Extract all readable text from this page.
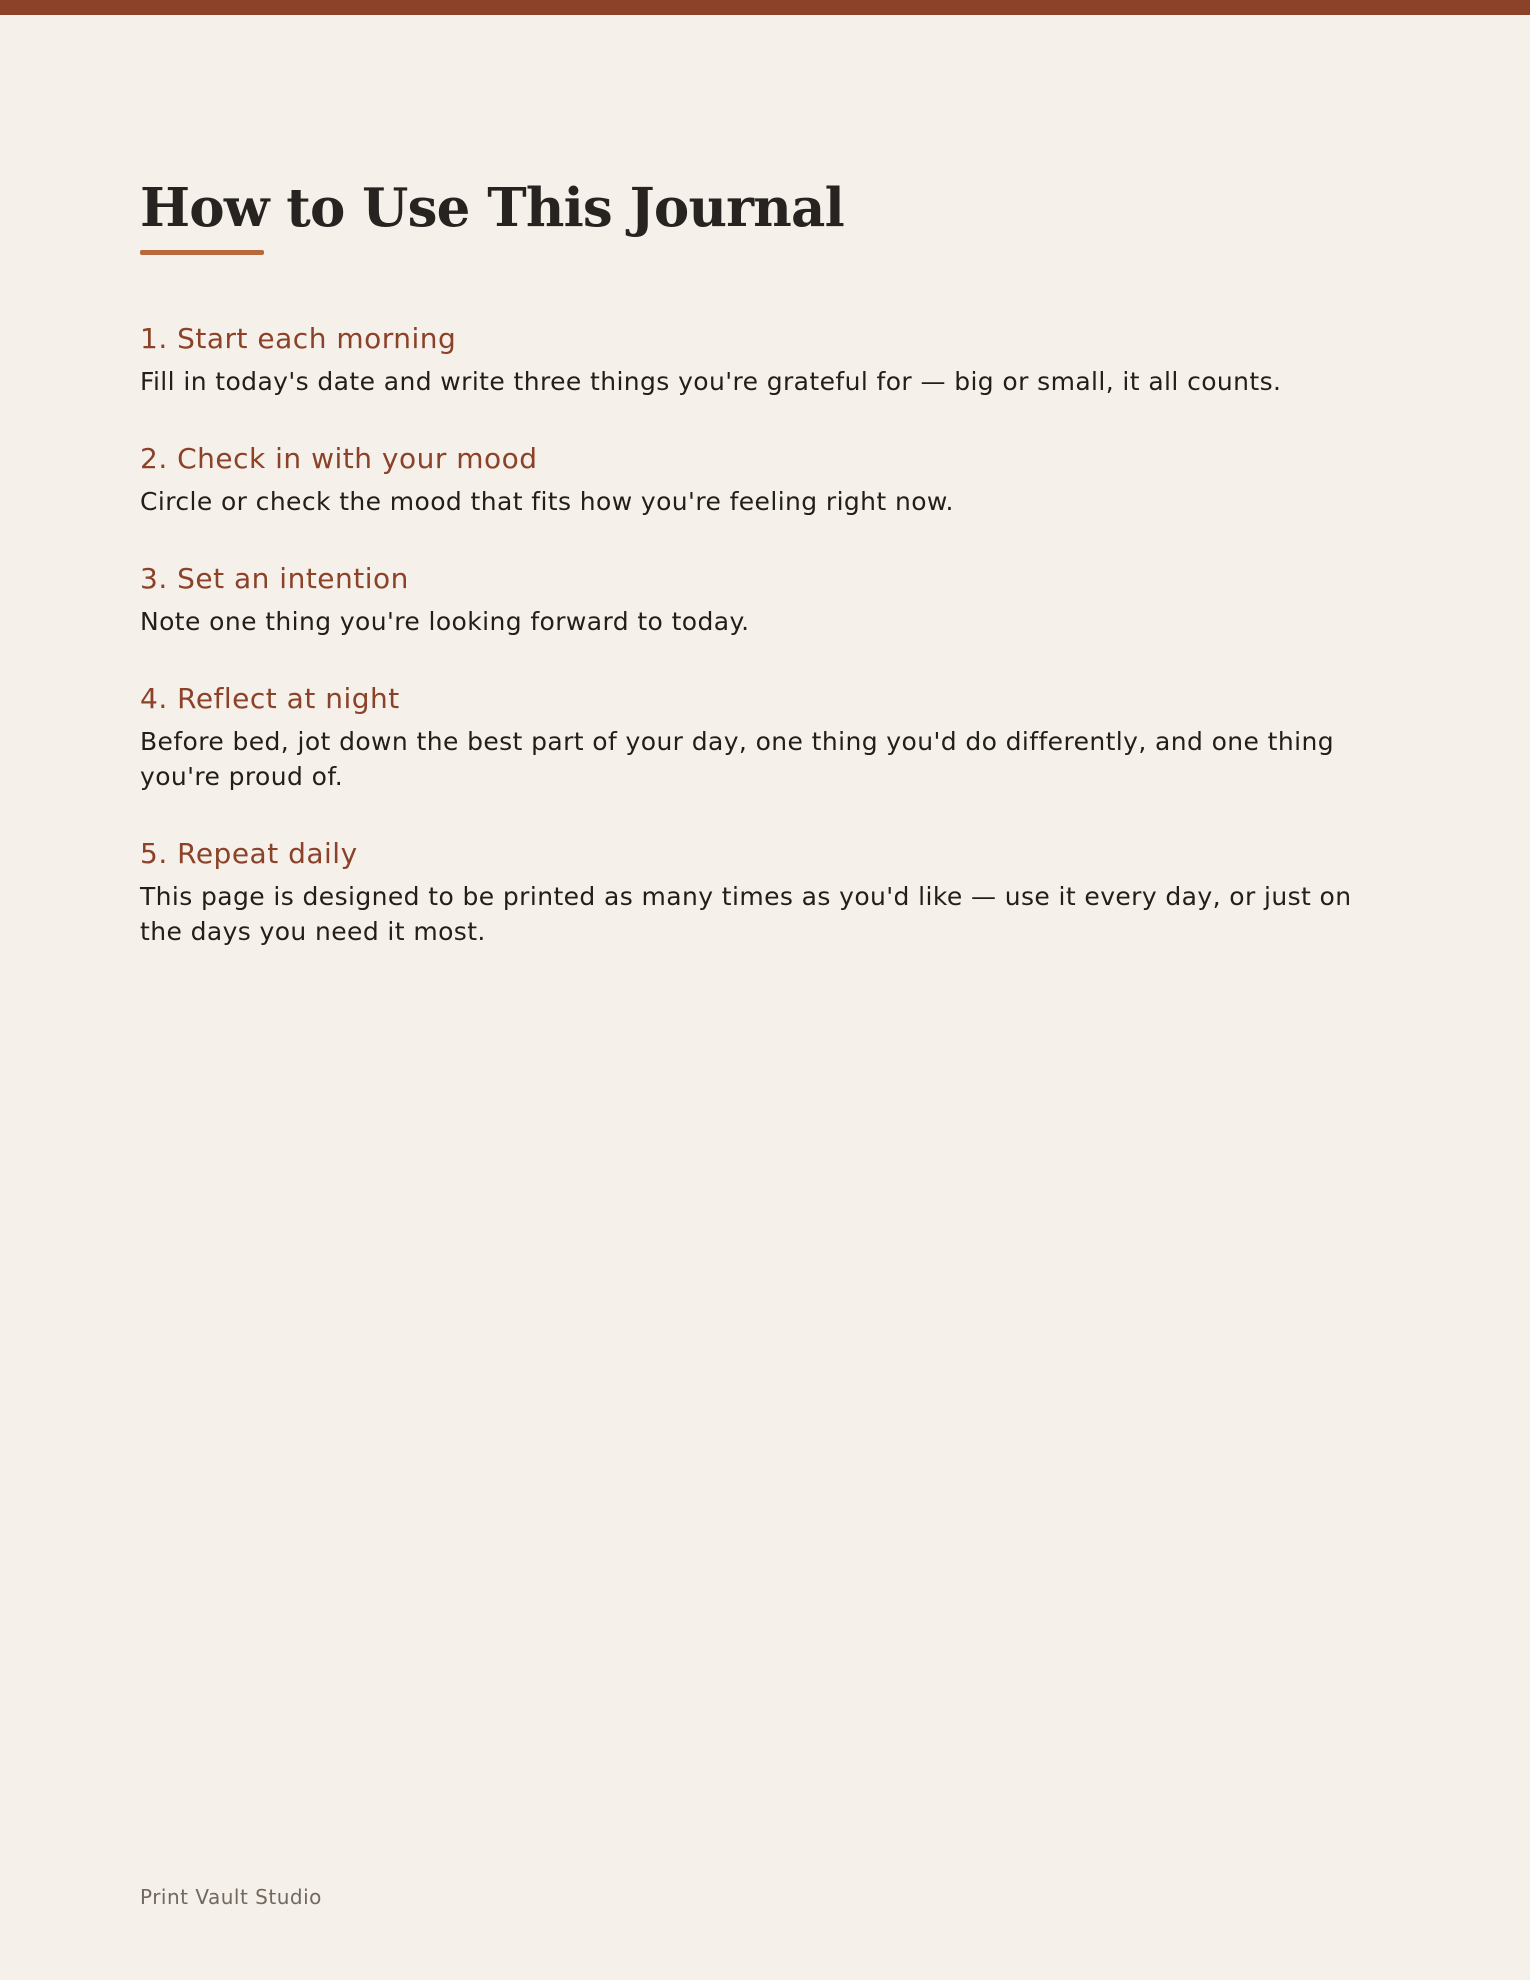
How to Use This Journal
1. Start each morning

Fill in today's date and write three things you're grateful for — big or small, it all counts.

2. Check in with your mood

Circle or check the mood that fits how you're feeling right now.

3. Set an intention

Note one thing you're looking forward to today.

4. Reflect at night

Before bed, jot down the best part of your day, one thing you'd do differently, and one thing you're proud of.

5. Repeat daily

This page is designed to be printed as many times as you'd like — use it every day, or just on the days you need it most.

Print Vault Studio
